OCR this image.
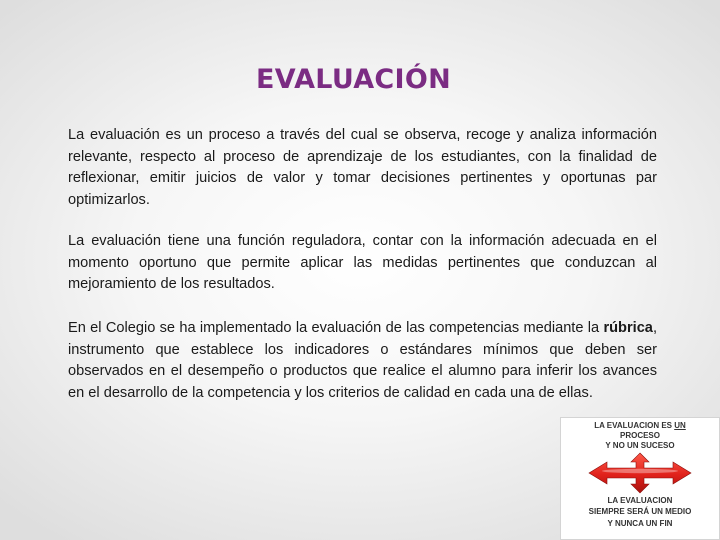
EVALUACIÓN

La evaluación es un proceso a través del cual se observa, recoge y analiza información relevante, respecto al proceso de aprendizaje de los estudiantes, con la finalidad de reflexionar, emitir juicios de valor y tomar decisiones pertinentes y oportunas par optimizarlos.

La evaluación tiene una función reguladora, contar con la información adecuada en el momento oportuno que permite aplicar las medidas pertinentes que conduzcan al mejoramiento de los resultados.

En el Colegio se ha implementado la evaluación de las competencias mediante la rúbrica, instrumento que establece los indicadores o estándares mínimos que deben ser observados en el desempeño o productos que realice el alumno para inferir los avances en el desarrollo de la competencia y los criterios de calidad en cada una de ellas.

LA EVALUACION ES UN
PROCESO
Y NO UN SUCESO
LA EVALUACION
SIEMPRE SERÁ UN MEDIO
Y NUNCA UN FIN
